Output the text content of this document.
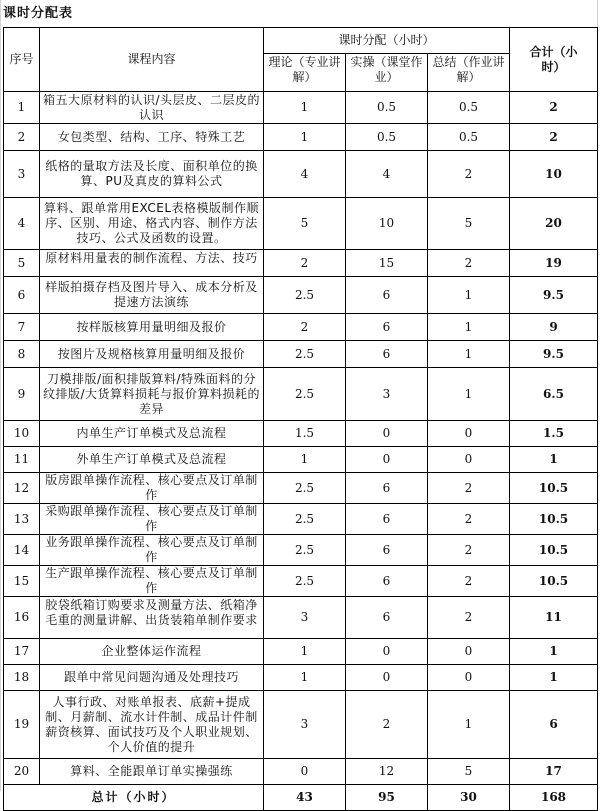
课时分配表
序号	课程内容	课时分配（小时）			合计（小时）

		理论（专业讲解）	实操（课堂作业）	总结（作业讲解）	

1	箱五大原材料的认识/头层皮、二层皮的认识	1	0.5	0.5	2
2	女包类型、结构、工序、特殊工艺	1	0.5	0.5	2
3	纸格的量取方法及长度、面积单位的换算、PU及真皮的算料公式	4	4	2	10
4	算料、跟单常用EXCEL表格模版制作顺序、区别、用途、格式内容、制作方法技巧、公式及函数的设置。	5	10	5	20
5	原材料用量表的制作流程、方法、技巧	2	15	2	19
6	样版拍摄存档及图片导入、成本分析及提速方法演练	2.5	6	1	9.5
7	按样版核算用量明细及报价	2	6	1	9
8	按图片及规格核算用量明细及报价	2.5	6	1	9.5
9	刀模排版/面积排版算料/特殊面料的分纹排版/大货算料损耗与报价算料损耗的差异	2.5	3	1	6.5
10	内单生产订单模式及总流程	1.5	0	0	1.5
11	外单生产订单模式及总流程	1	0	0	1
12	版房跟单操作流程、核心要点及订单制作	2.5	6	2	10.5
13	采购跟单操作流程、核心要点及订单制作	2.5	6	2	10.5
14	业务跟单操作流程、核心要点及订单制作	2.5	6	2	10.5
15	生产跟单操作流程、核心要点及订单制作	2.5	6	2	10.5
16	胶袋纸箱订购要求及测量方法、纸箱净毛重的测量讲解、出货装箱单制作要求	3	6	2	11
17	企业整体运作流程	1	0	0	1
18	跟单中常见问题沟通及处理技巧	1	0	0	1
19	人事行政、对账单报表、底薪+提成制、月薪制、流水计件制、成品计件制薪资核算、面试技巧及个人职业规划、个人价值的提升	3	2	1	6
20	算料、全能跟单订单实操强练	0	12	5	17
总计（小时）		43	95	30	168
